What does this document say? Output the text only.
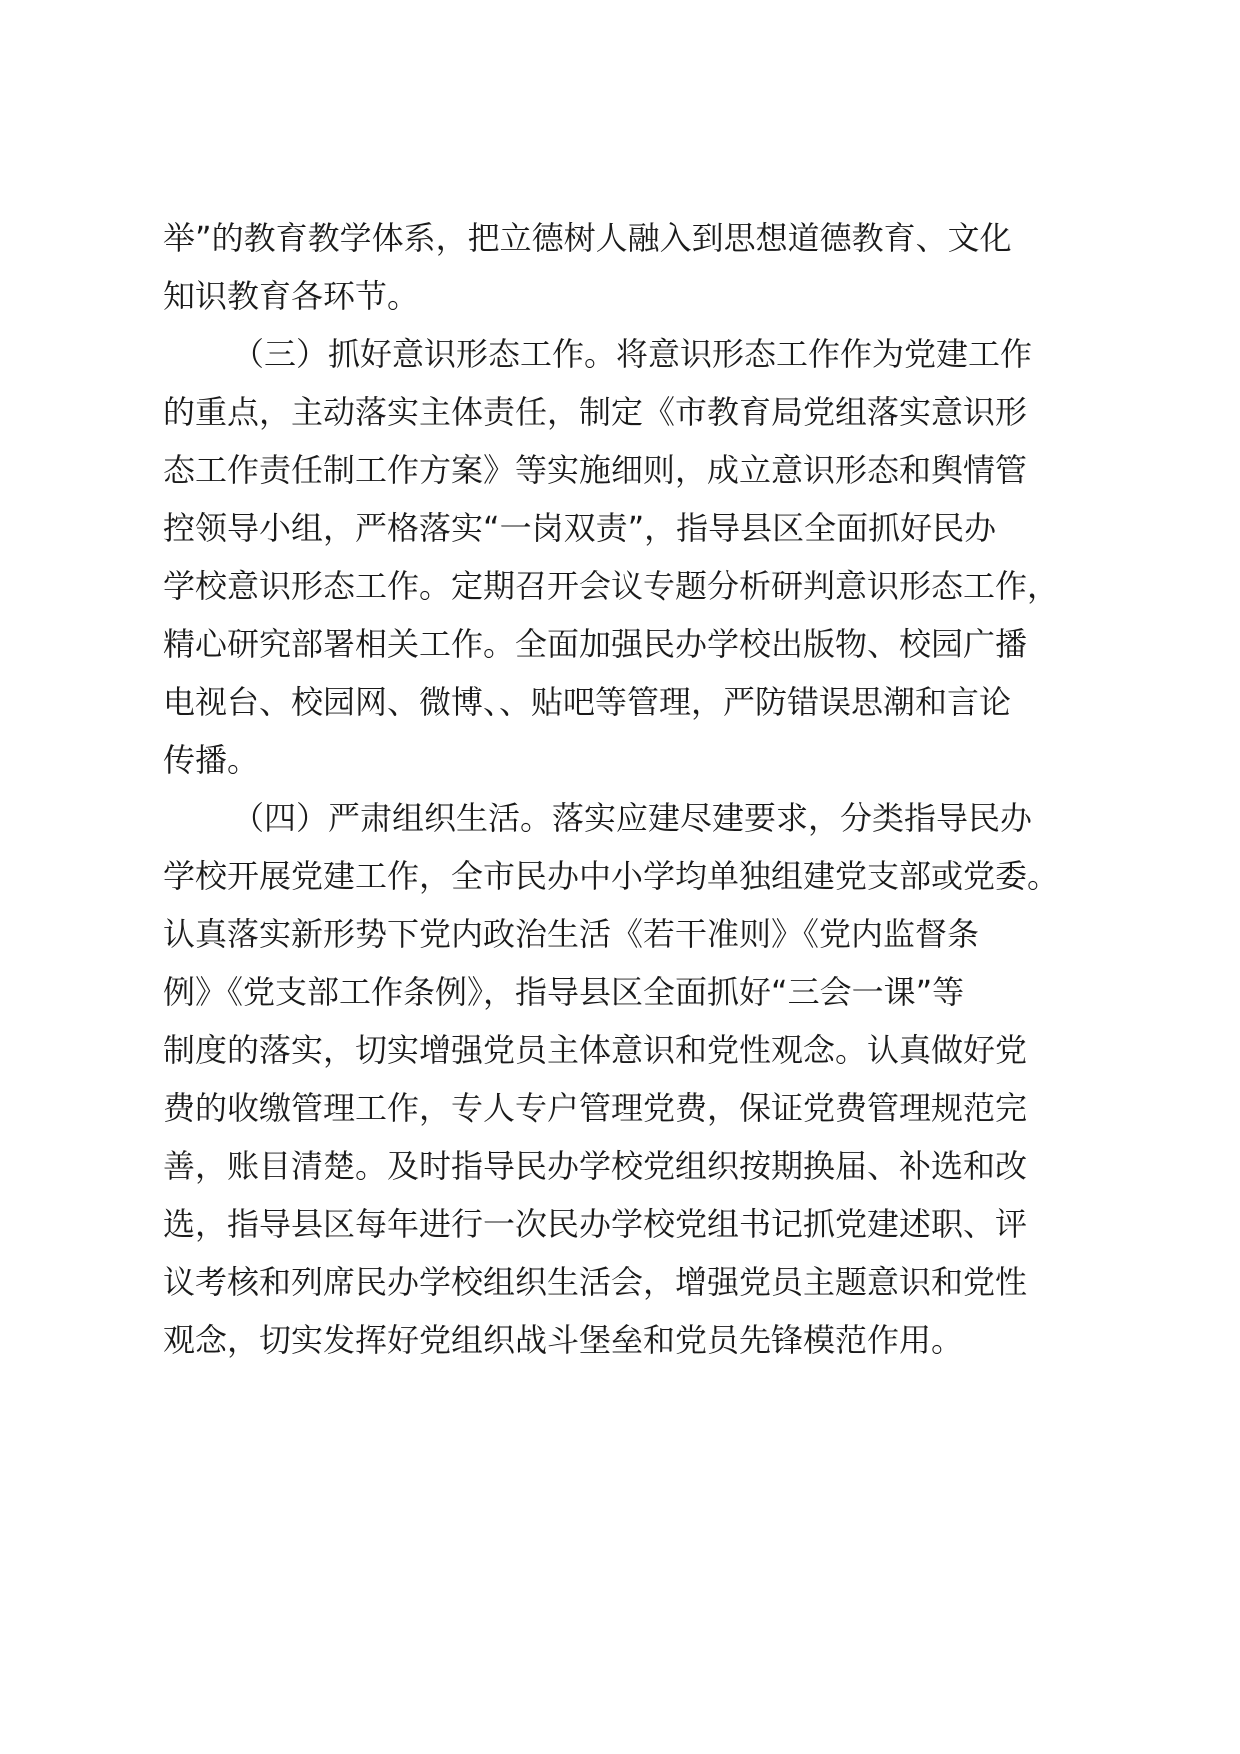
举”的教育教学体系，把立德树人融入到思想道德教育、文化
知识教育各环节。
（三）抓好意识形态工作。将意识形态工作作为党建工作
的重点，主动落实主体责任，制定《市教育局党组落实意识形
态工作责任制工作方案》等实施细则，成立意识形态和舆情管
控领导小组，严格落实“一岗双责”，指导县区全面抓好民办
学校意识形态工作。定期召开会议专题分析研判意识形态工作，
精心研究部署相关工作。全面加强民办学校出版物、校园广播
电视台、校园网、微博、、贴吧等管理，严防错误思潮和言论
传播。
（四）严肃组织生活。落实应建尽建要求，分类指导民办
学校开展党建工作，全市民办中小学均单独组建党支部或党委。
认真落实新形势下党内政治生活《若干准则》《党内监督条
例》《党支部工作条例》，指导县区全面抓好“三会一课”等
制度的落实，切实增强党员主体意识和党性观念。认真做好党
费的收缴管理工作，专人专户管理党费，保证党费管理规范完
善，账目清楚。及时指导民办学校党组织按期换届、补选和改
选，指导县区每年进行一次民办学校党组书记抓党建述职、评
议考核和列席民办学校组织生活会，增强党员主题意识和党性
观念，切实发挥好党组织战斗堡垒和党员先锋模范作用。
